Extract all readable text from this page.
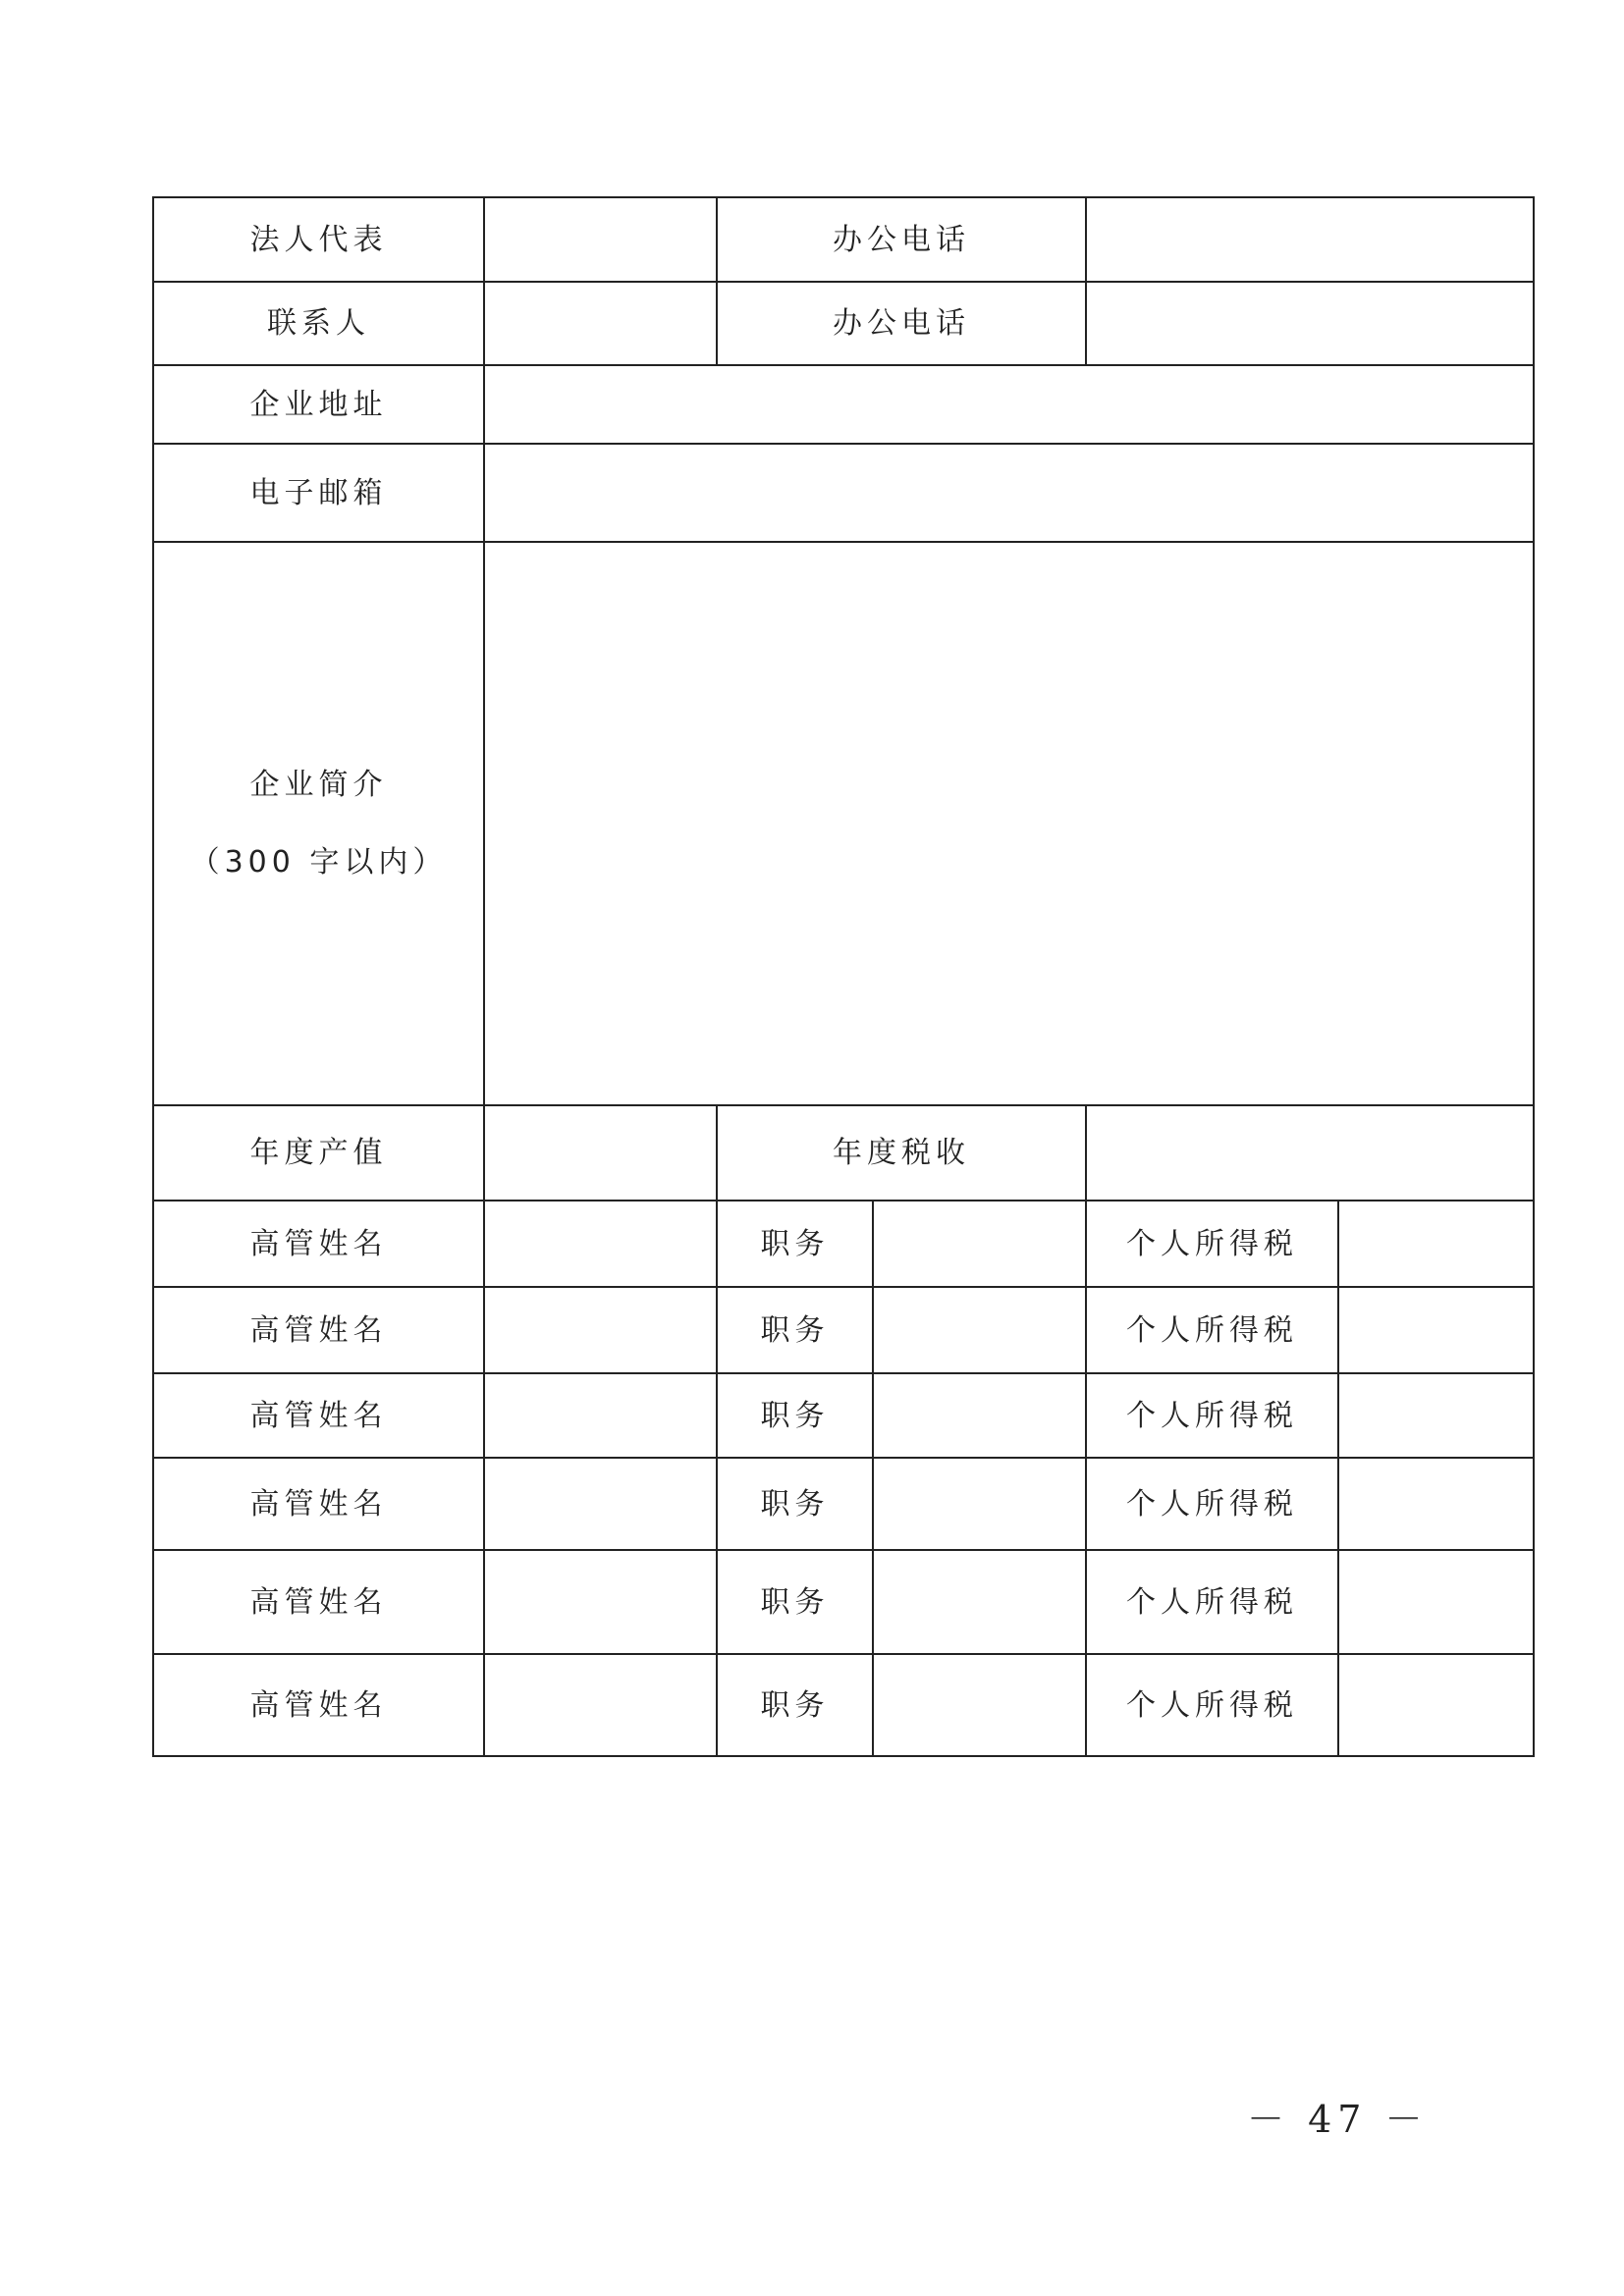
法人代表		办公电话			
联系人		办公电话			
企业地址					
电子邮箱					

企业简介
（300 字以内）					

年度产值		年度税收			
高管姓名		职务		个人所得税	
高管姓名		职务		个人所得税	
高管姓名		职务		个人所得税	
高管姓名		职务		个人所得税	
高管姓名		职务		个人所得税	
高管姓名		职务		个人所得税	
－ 47 －
